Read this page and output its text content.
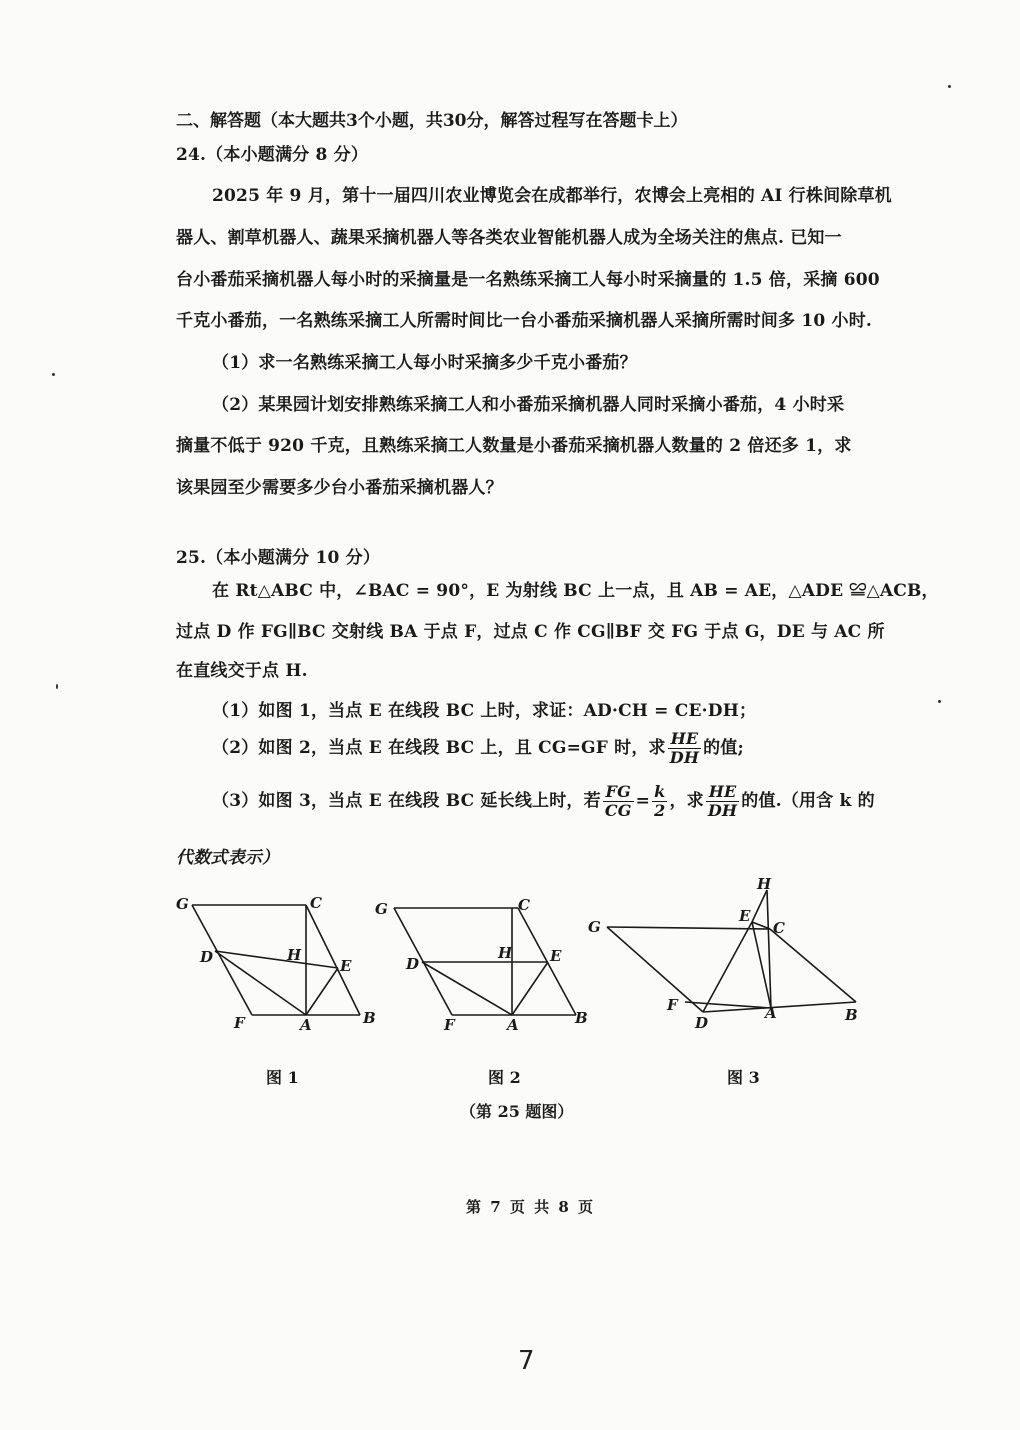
二、解答题（本大题共3个小题，共30分，解答过程写在答题卡上）
24.（本小题满分 8 分）
2025 年 9 月，第十一届四川农业博览会在成都举行，农博会上亮相的 AI 行株间除草机
器人、割草机器人、蔬果采摘机器人等各类农业智能机器人成为全场关注的焦点. 已知一
台小番茄采摘机器人每小时的采摘量是一名熟练采摘工人每小时采摘量的 1.5 倍，采摘 600
千克小番茄，一名熟练采摘工人所需时间比一台小番茄采摘机器人采摘所需时间多 10 小时.
（1）求一名熟练采摘工人每小时采摘多少千克小番茄？
（2）某果园计划安排熟练采摘工人和小番茄采摘机器人同时采摘小番茄，4 小时采
摘量不低于 920 千克，且熟练采摘工人数量是小番茄采摘机器人数量的 2 倍还多 1，求
该果园至少需要多少台小番茄采摘机器人？
25.（本小题满分 10 分）
在 Rt△ABC 中，∠BAC = 90°，E 为射线 BC 上一点，且 AB = AE，△ADE ≌△ACB，
过点 D 作 FG∥BC 交射线 BA 于点 F，过点 C 作 CG∥BF 交 FG 于点 G，DE 与 AC 所
在直线交于点 H.
（1）如图 1，当点 E 在线段 BC 上时，求证：AD·CH = CE·DH；
（2）如图 2，当点 E 在线段 BC 上，且 CG=GF 时，求 $\frac{HE}{DH}$ 的值;
（3）如图 3，当点 E 在线段 BC 延长线上时，若 $\frac{FG}{CG} = \frac{k}{2}$ ，求 $\frac{HE}{DH}$ 的值.（用含 k 的
代数式表示）
G	C
D	H
E
F	A	B
图 1
G	C
D
H	E
F	A	B
图 2
H
E
C
G
F
D
A	B
图 3
（第 25 题图）
第 7 页 共 8 页
7
